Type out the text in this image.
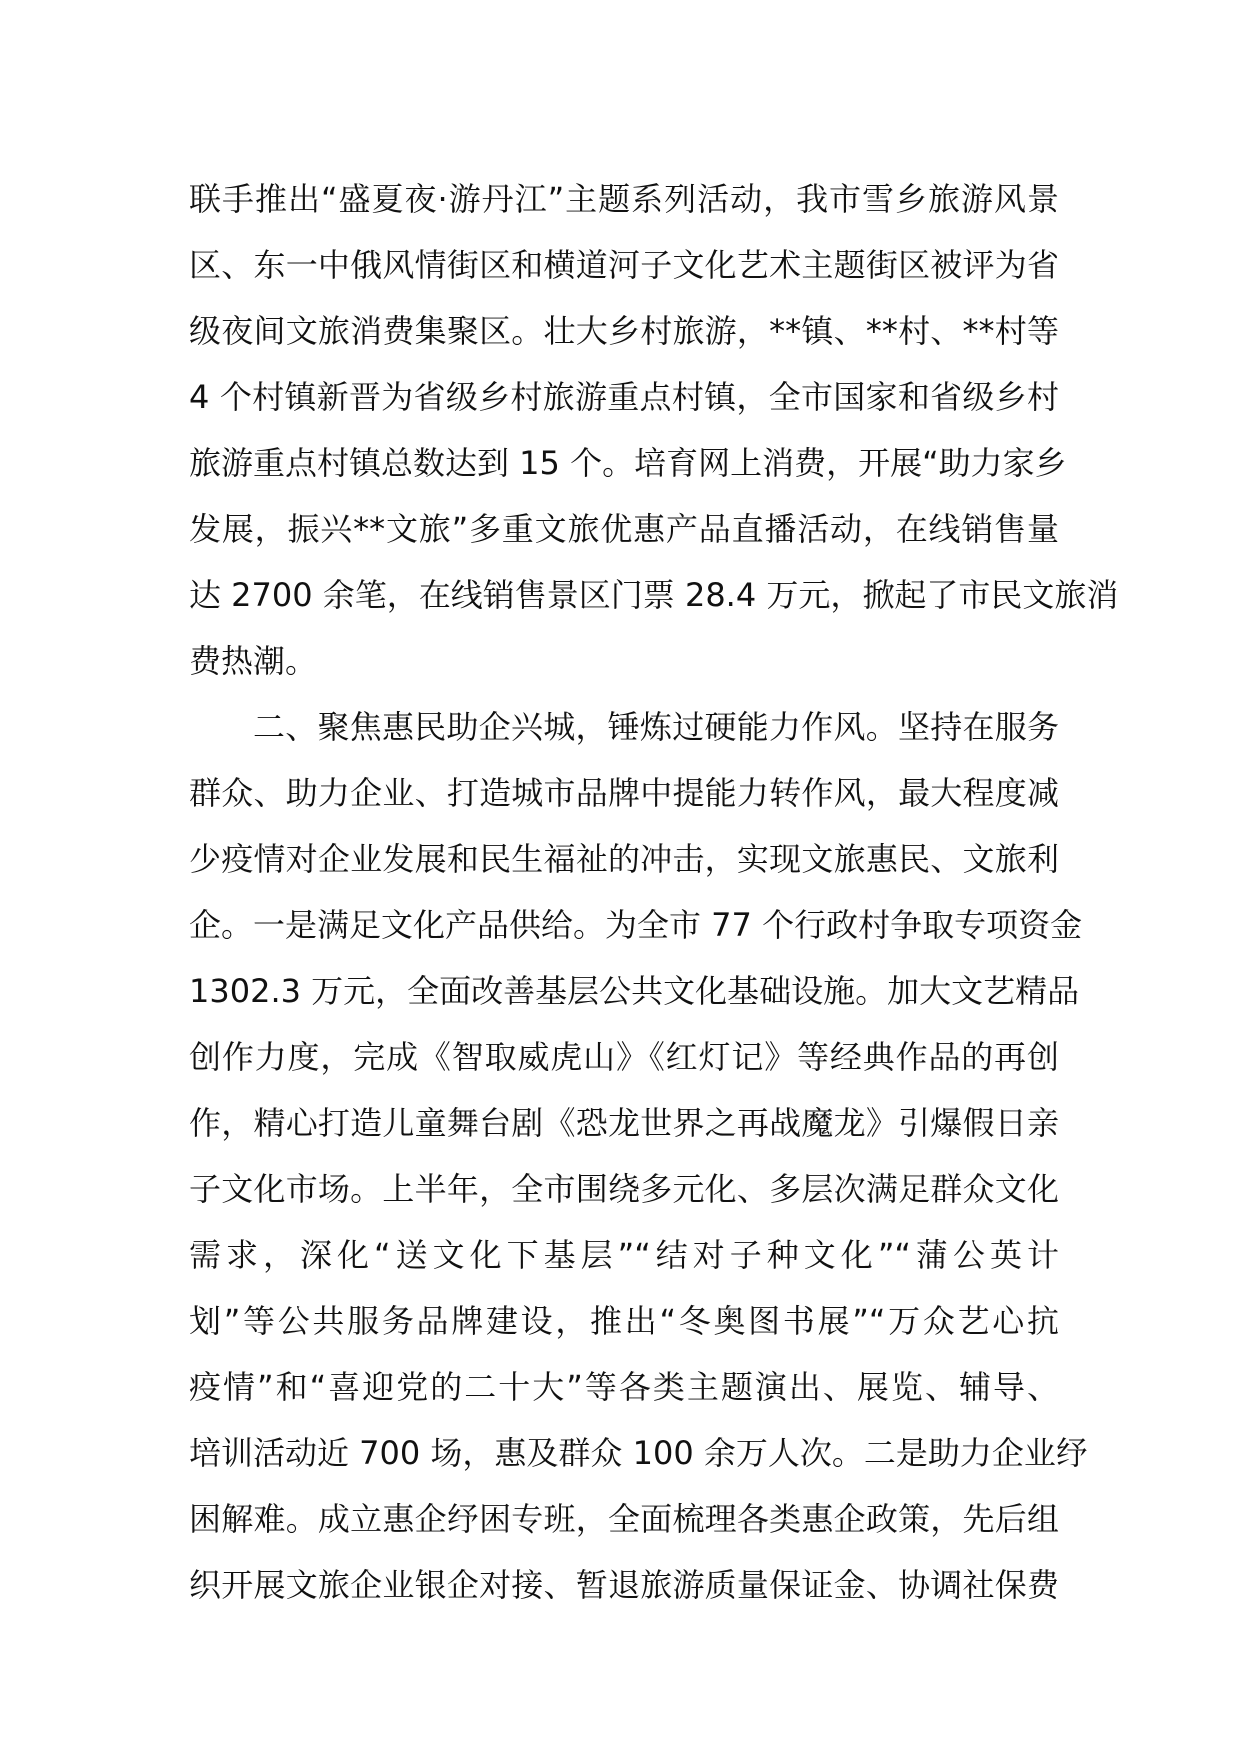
联手推出“盛夏夜·游丹江”主题系列活动，我市雪乡旅游风景
区、东一中俄风情街区和横道河子文化艺术主题街区被评为省
级夜间文旅消费集聚区。壮大乡村旅游，**镇、**村、**村等
4 个村镇新晋为省级乡村旅游重点村镇，全市国家和省级乡村
旅游重点村镇总数达到 15 个。培育网上消费，开展“助力家乡
发展，振兴**文旅”多重文旅优惠产品直播活动，在线销售量
达 2700 余笔，在线销售景区门票 28.4 万元，掀起了市民文旅消
费热潮。
二、聚焦惠民助企兴城，锤炼过硬能力作风。坚持在服务
群众、助力企业、打造城市品牌中提能力转作风，最大程度减
少疫情对企业发展和民生福祉的冲击，实现文旅惠民、文旅利
企。一是满足文化产品供给。为全市 77 个行政村争取专项资金
1302.3 万元，全面改善基层公共文化基础设施。加大文艺精品
创作力度，完成《智取威虎山》《红灯记》等经典作品的再创
作，精心打造儿童舞台剧《恐龙世界之再战魔龙》引爆假日亲
子文化市场。上半年，全市围绕多元化、多层次满足群众文化
需求，深化“送文化下基层”“结对子种文化”“蒲公英计
划”等公共服务品牌建设，推出“冬奥图书展”“万众艺心抗
疫情”和“喜迎党的二十大”等各类主题演出、展览、辅导、
培训活动近 700 场，惠及群众 100 余万人次。二是助力企业纾
困解难。成立惠企纾困专班，全面梳理各类惠企政策，先后组
织开展文旅企业银企对接、暂退旅游质量保证金、协调社保费
